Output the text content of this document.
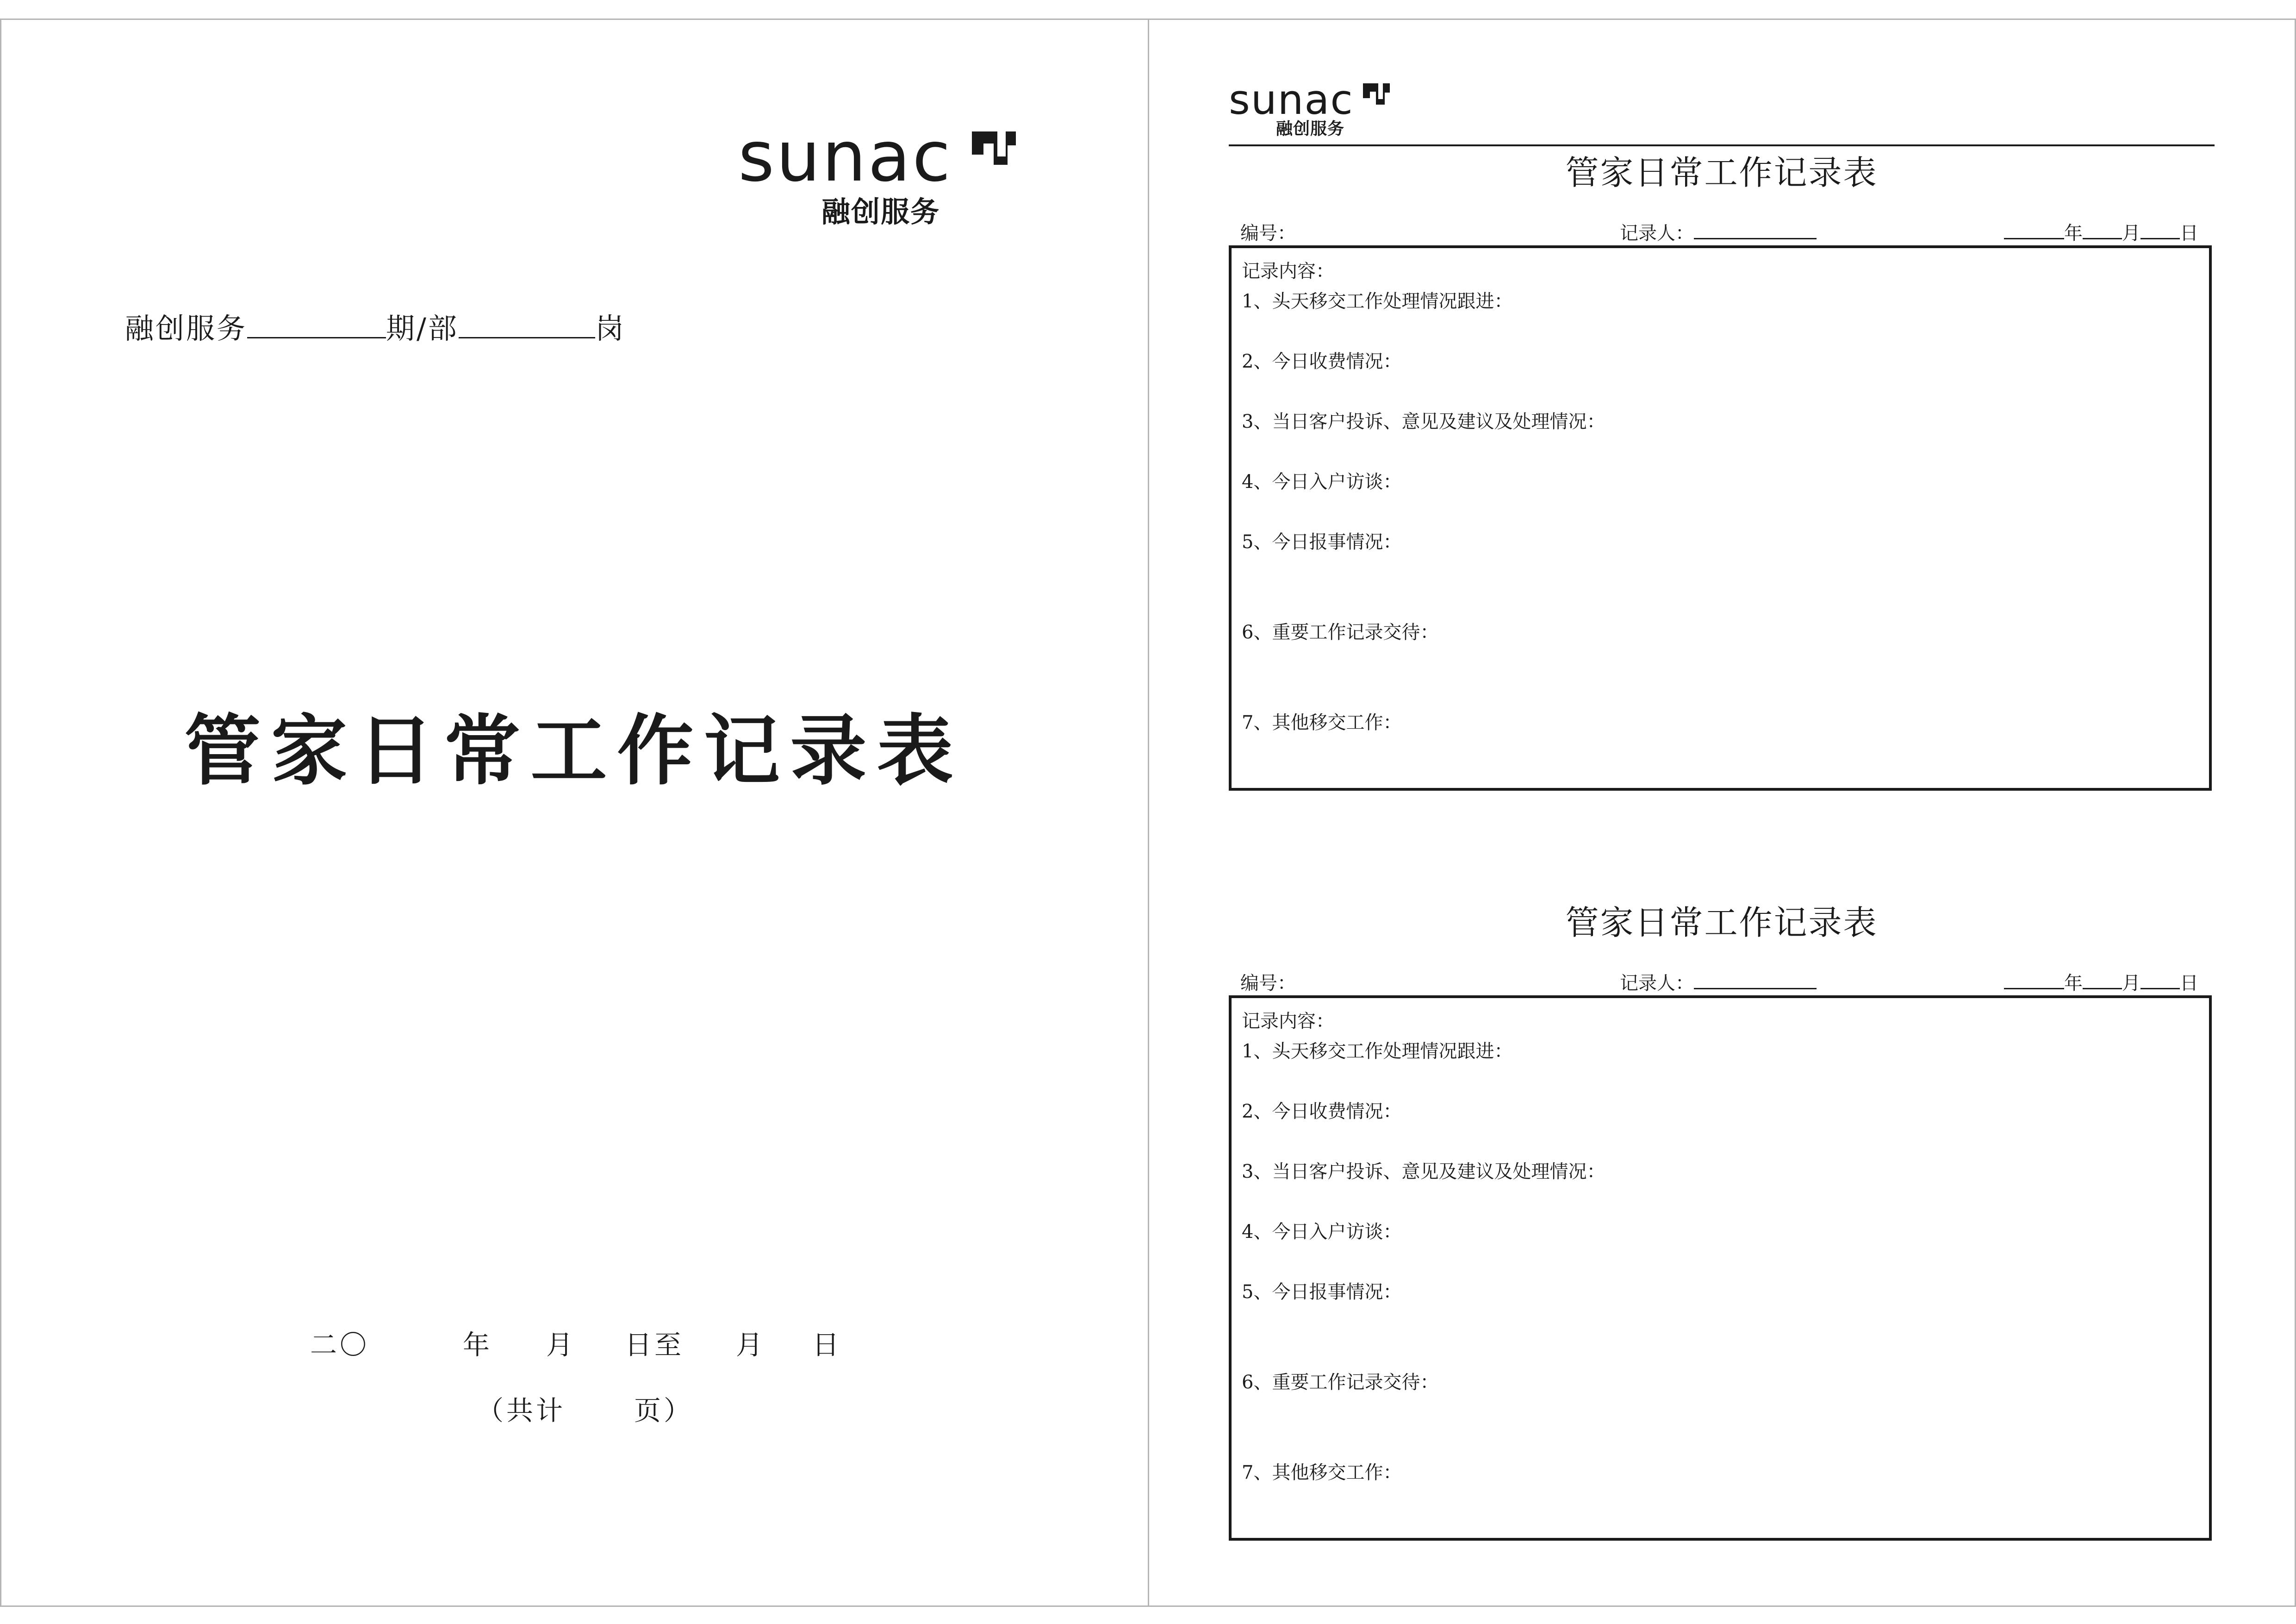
sunac
融创服务
融创服务	期/部	岗
管家日常工作记录表
二〇	年 月 日至 月 日
（共计	页）
sunac
融创服务
管家日常工作记录表
编号：	记录人：	年 月 日
记录内容：
1、头天移交工作处理情况跟进：
2、今日收费情况：
3、当日客户投诉、意见及建议及处理情况：
4、今日入户访谈：
5、今日报事情况：
6、重要工作记录交待：
7、其他移交工作：
管家日常工作记录表
编号：	记录人：	年 月 日
记录内容：
1、头天移交工作处理情况跟进：
2、今日收费情况：
3、当日客户投诉、意见及建议及处理情况：
4、今日入户访谈：
5、今日报事情况：
6、重要工作记录交待：
7、其他移交工作：
